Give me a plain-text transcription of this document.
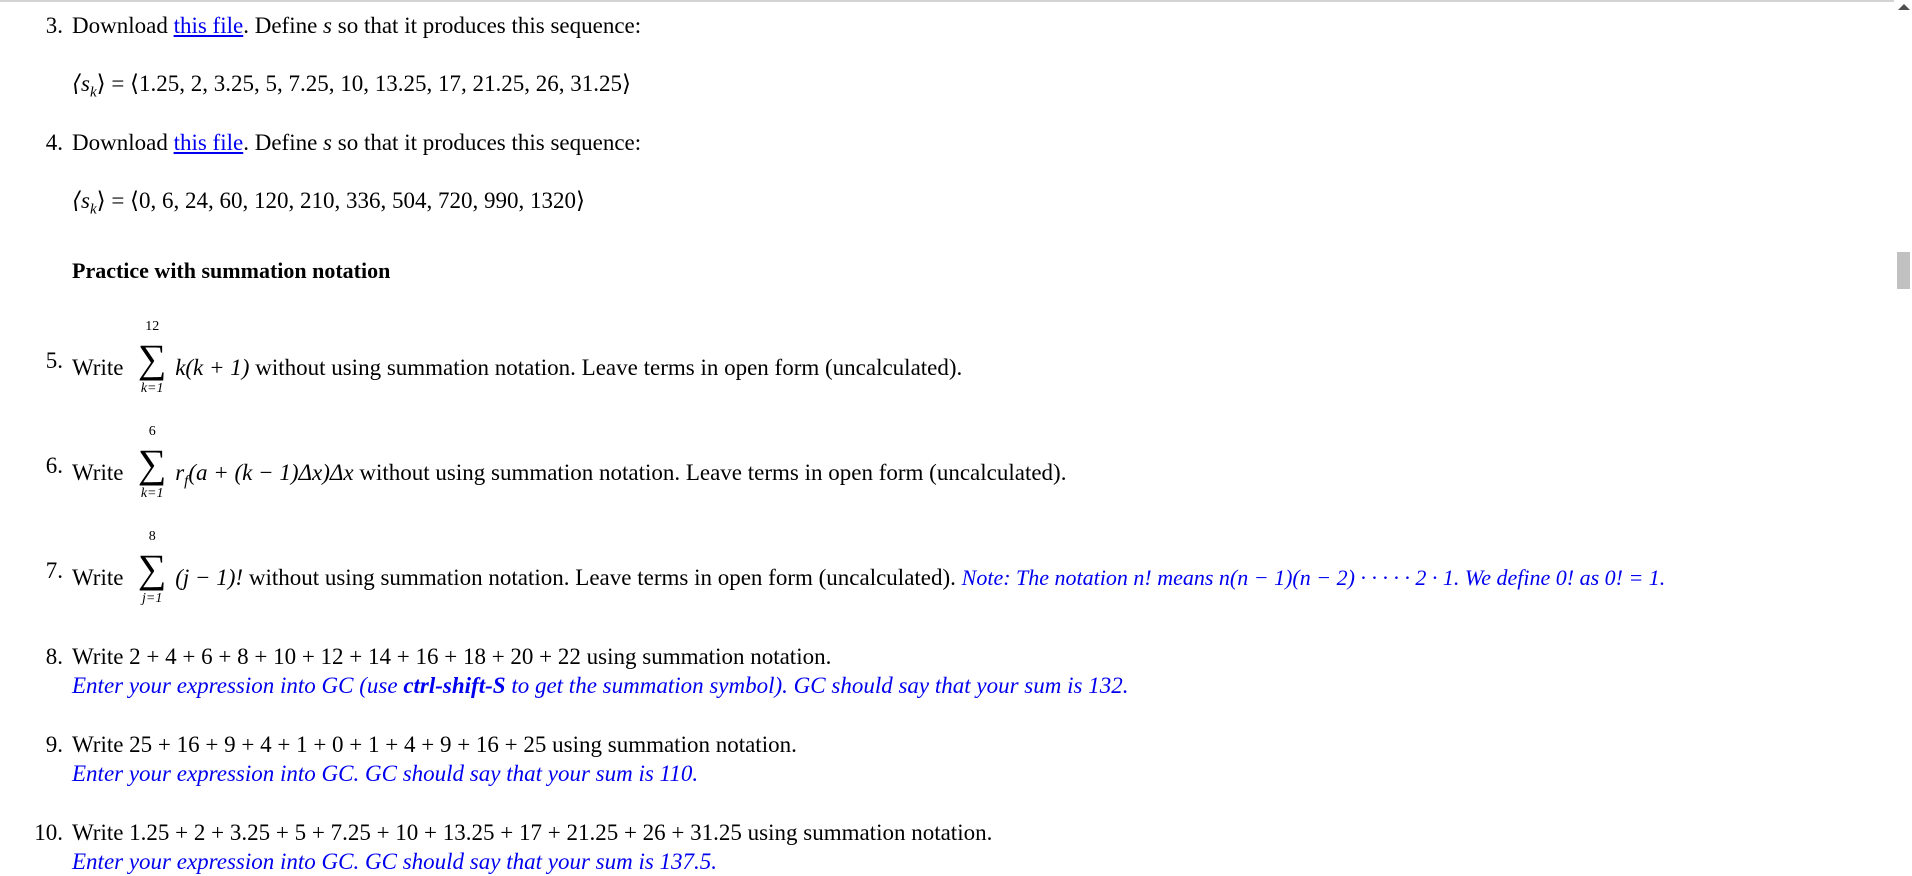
3. Download this file. Define s so that it produces this sequence:
$⟨s_k⟩$ = ⟨1.25, 2, 3.25, 5, 7.25, 10, 13.25, 17, 21.25, 26, 31.25⟩
4. Download this file. Define s so that it produces this sequence:
$⟨s_k⟩$ = ⟨0, 6, 24, 60, 120, 210, 336, 504, 720, 990, 1320⟩
Practice with summation notation
5. Write
12
∑
k=1
k(k + 1) without using summation notation. Leave terms in open form (uncalculated).
6. Write
6
∑
k=1
$r_f(a + (k - 1)\Delta x)\Delta x$ without using summation notation. Leave terms in open form (uncalculated).
7. Write
8
∑
j=1
(j − 1)! without using summation notation. Leave terms in open form (uncalculated). Note: The notation n! means n(n − 1)(n − 2) · · · · · 2 · 1. We define 0! as 0! = 1.
8. Write 2 + 4 + 6 + 8 + 10 + 12 + 14 + 16 + 18 + 20 + 22 using summation notation.
Enter your expression into GC (use ctrl-shift-S to get the summation symbol). GC should say that your sum is 132.
9. Write 25 + 16 + 9 + 4 + 1 + 0 + 1 + 4 + 9 + 16 + 25 using summation notation.
Enter your expression into GC. GC should say that your sum is 110.
10. Write 1.25 + 2 + 3.25 + 5 + 7.25 + 10 + 13.25 + 17 + 21.25 + 26 + 31.25 using summation notation.
Enter your expression into GC. GC should say that your sum is 137.5.
